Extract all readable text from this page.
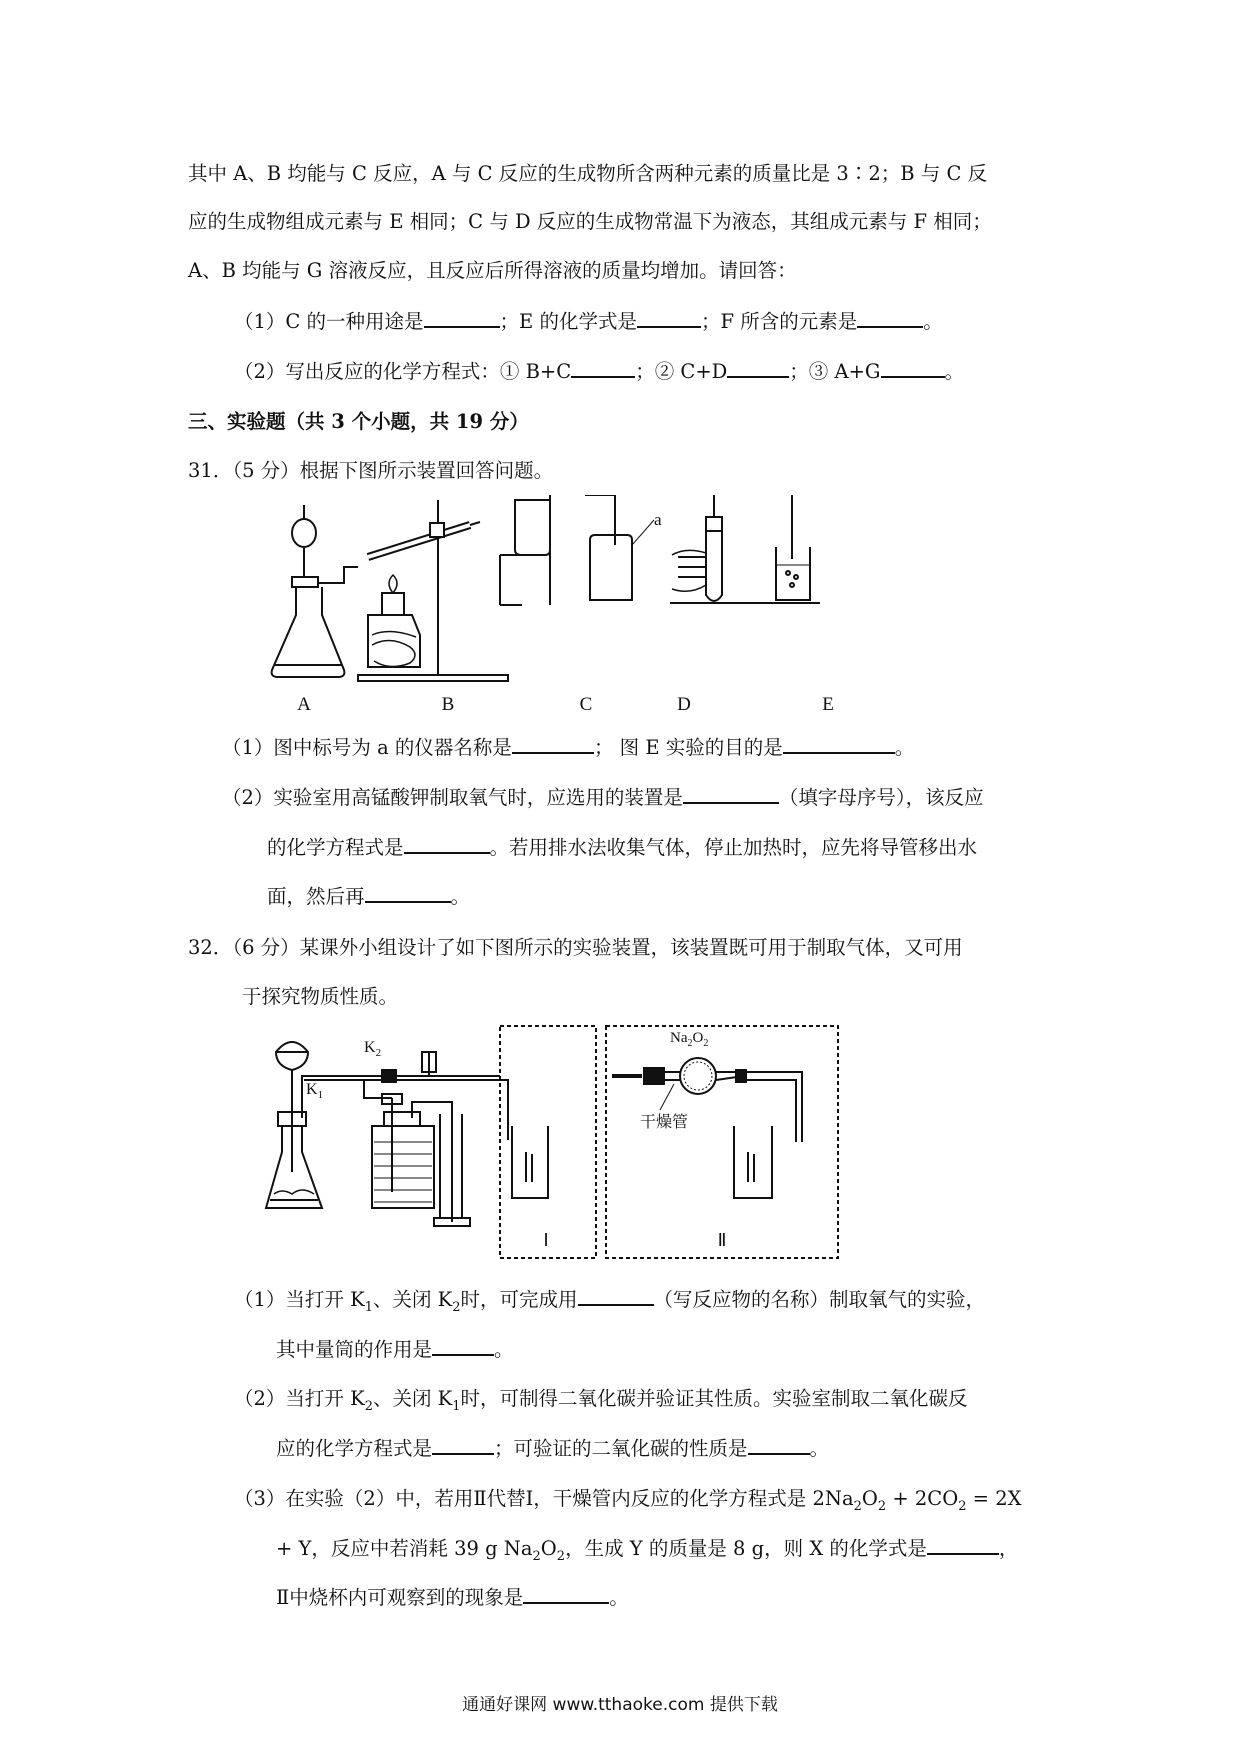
其中 A、B 均能与 C 反应，A 与 C 反应的生成物所含两种元素的质量比是 3∶2；B 与 C 反
应的生成物组成元素与 E 相同；C 与 D 反应的生成物常温下为液态，其组成元素与 F 相同；
A、B 均能与 G 溶液反应，且反应后所得溶液的质量均增加。请回答：
（1）C 的一种用途是	；E 的化学式是	；F 所含的元素是	。
（2）写出反应的化学方程式：① B+C	；② C+D	；③ A+G	。
三、实验题（共 3 个小题，共 19 分）
31．（5 分）根据下图所示装置回答问题。
a
A	B	C	D	E
（1）图中标号为 a 的仪器名称是	； 图 E 实验的目的是	。
（2）实验室用高锰酸钾制取氧气时，应选用的装置是	（填字母序号），该反应
的化学方程式是	。若用排水法收集气体，停止加热时，应先将导管移出水
面，然后再	。
32．（6 分）某课外小组设计了如下图所示的实验装置，该装置既可用于制取气体，又可用
于探究物质性质。
$K_2$
$K_1$
$Na_2O_2$
干燥管
Ⅰ	Ⅱ
（1）当打开 $K_1$、关闭 $K_2$时，可完成用	（写反应物的名称）制取氧气的实验，
其中量筒的作用是	。
（2）当打开 $K_2$、关闭 $K_1$时，可制得二氧化碳并验证其性质。实验室制取二氧化碳反
应的化学方程式是	；可验证的二氧化碳的性质是	。
（3）在实验（2）中，若用Ⅱ代替Ⅰ，干燥管内反应的化学方程式是 $2Na_2O_2 + 2CO_2 = 2X$
+ Y，反应中若消耗 39 g $Na_2O_2$，生成 Y 的质量是 8 g，则 X 的化学式是	，
Ⅱ中烧杯内可观察到的现象是	。
通通好课网 www.tthaoke.com 提供下载
